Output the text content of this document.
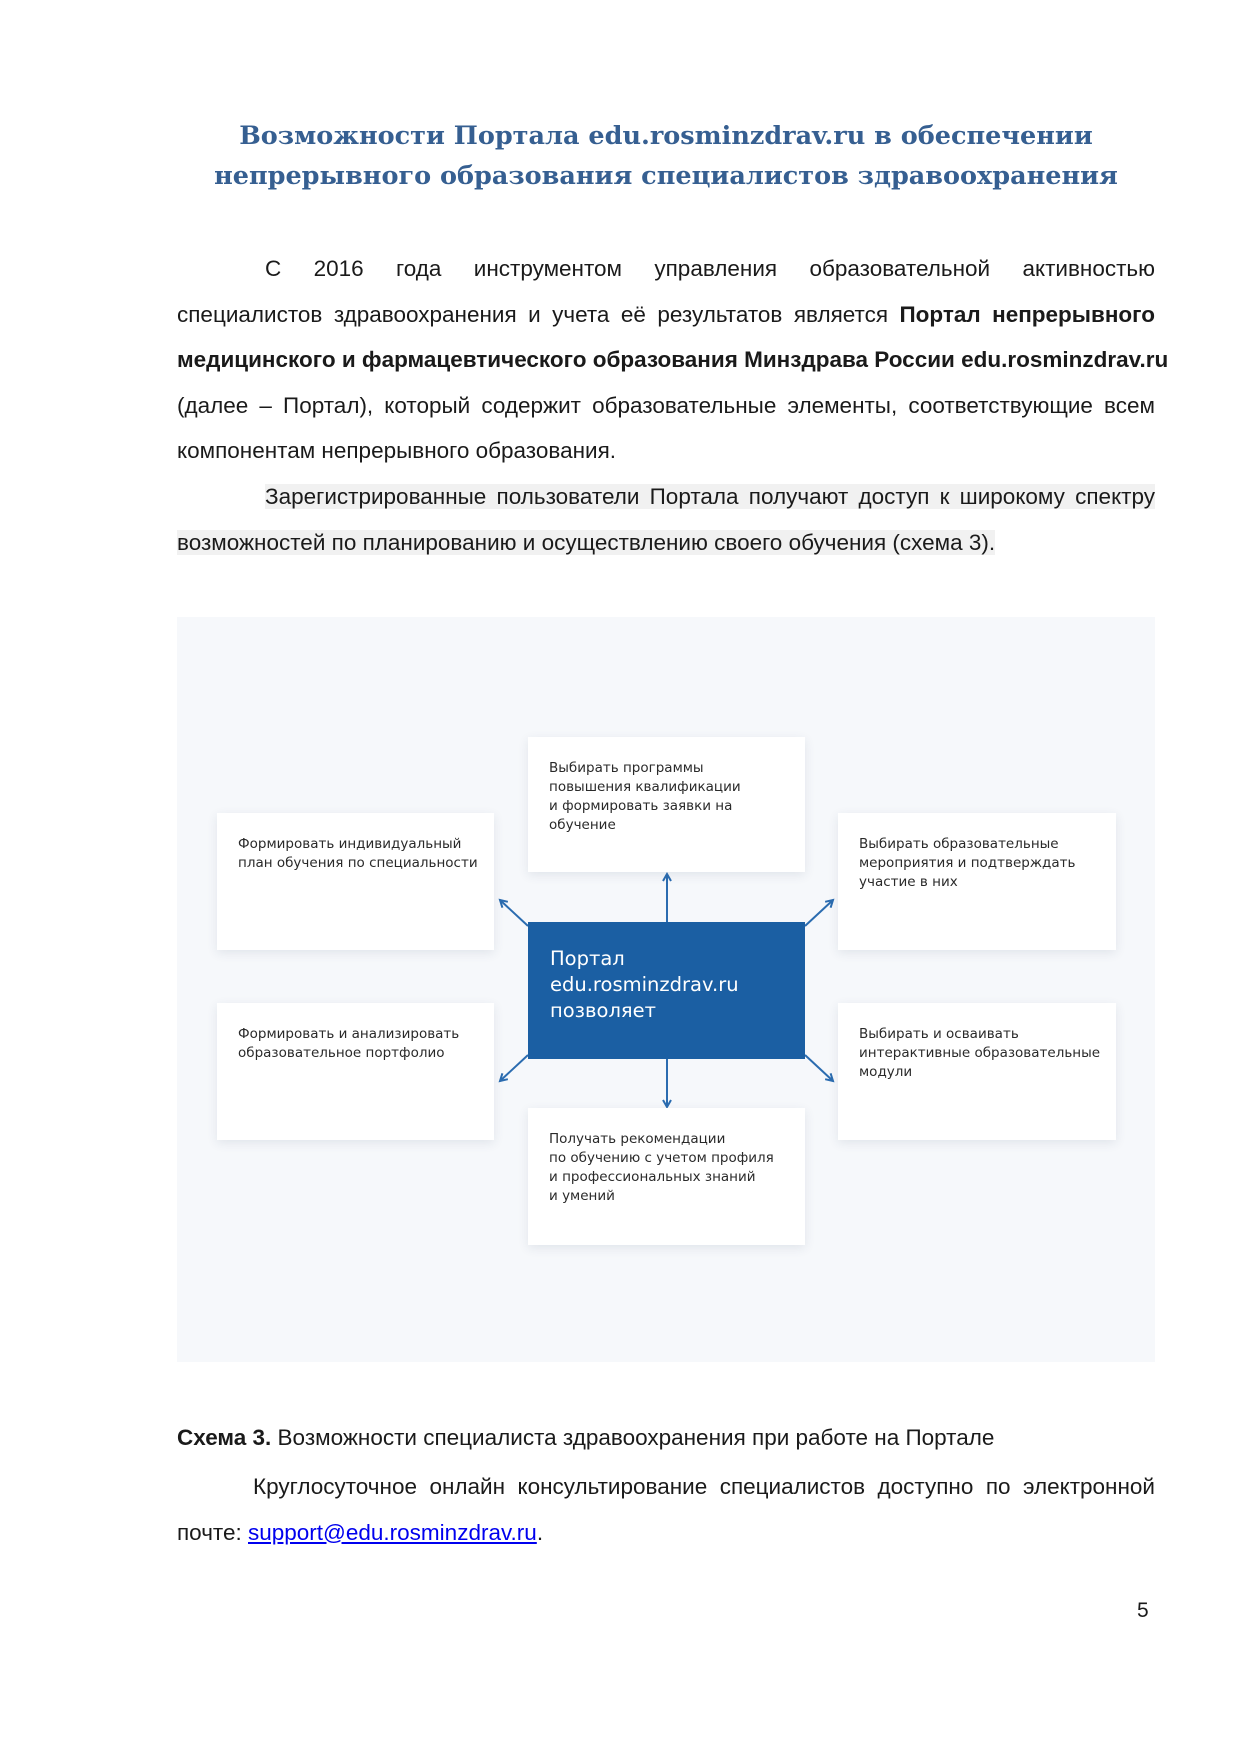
Возможности Портала edu.rosminzdrav.ru в обеспечении
непрерывного образования специалистов здравоохранения
С 2016 года инструментом управления образовательной активностью
специалистов здравоохранения и учета её результатов является Портал непрерывного
медицинского и фармацевтического образования Минздрава России edu.rosminzdrav.ru
(далее – Портал), который содержит образовательные элементы, соответствующие всем
компонентам непрерывного образования.
Зарегистрированные пользователи Портала получают доступ к широкому спектру
возможностей по планированию и осуществлению своего обучения (схема 3).
Выбирать программы
повышения квалификации
и формировать заявки на
обучение
Формировать индивидуальный
план обучения по специальности
Выбирать образовательные
мероприятия и подтверждать
участие в них
Портал
edu.rosminzdrav.ru
позволяет
Формировать и анализировать
образовательное портфолио
Выбирать и осваивать
интерактивные образовательные
модули
Получать рекомендации
по обучению с учетом профиля
и профессиональных знаний
и умений

Схема 3. Возможности специалиста здравоохранения при работе на Портале

Круглосуточное онлайн консультирование специалистов доступно по электронной
почте: support@edu.rosminzdrav.ru.
5
